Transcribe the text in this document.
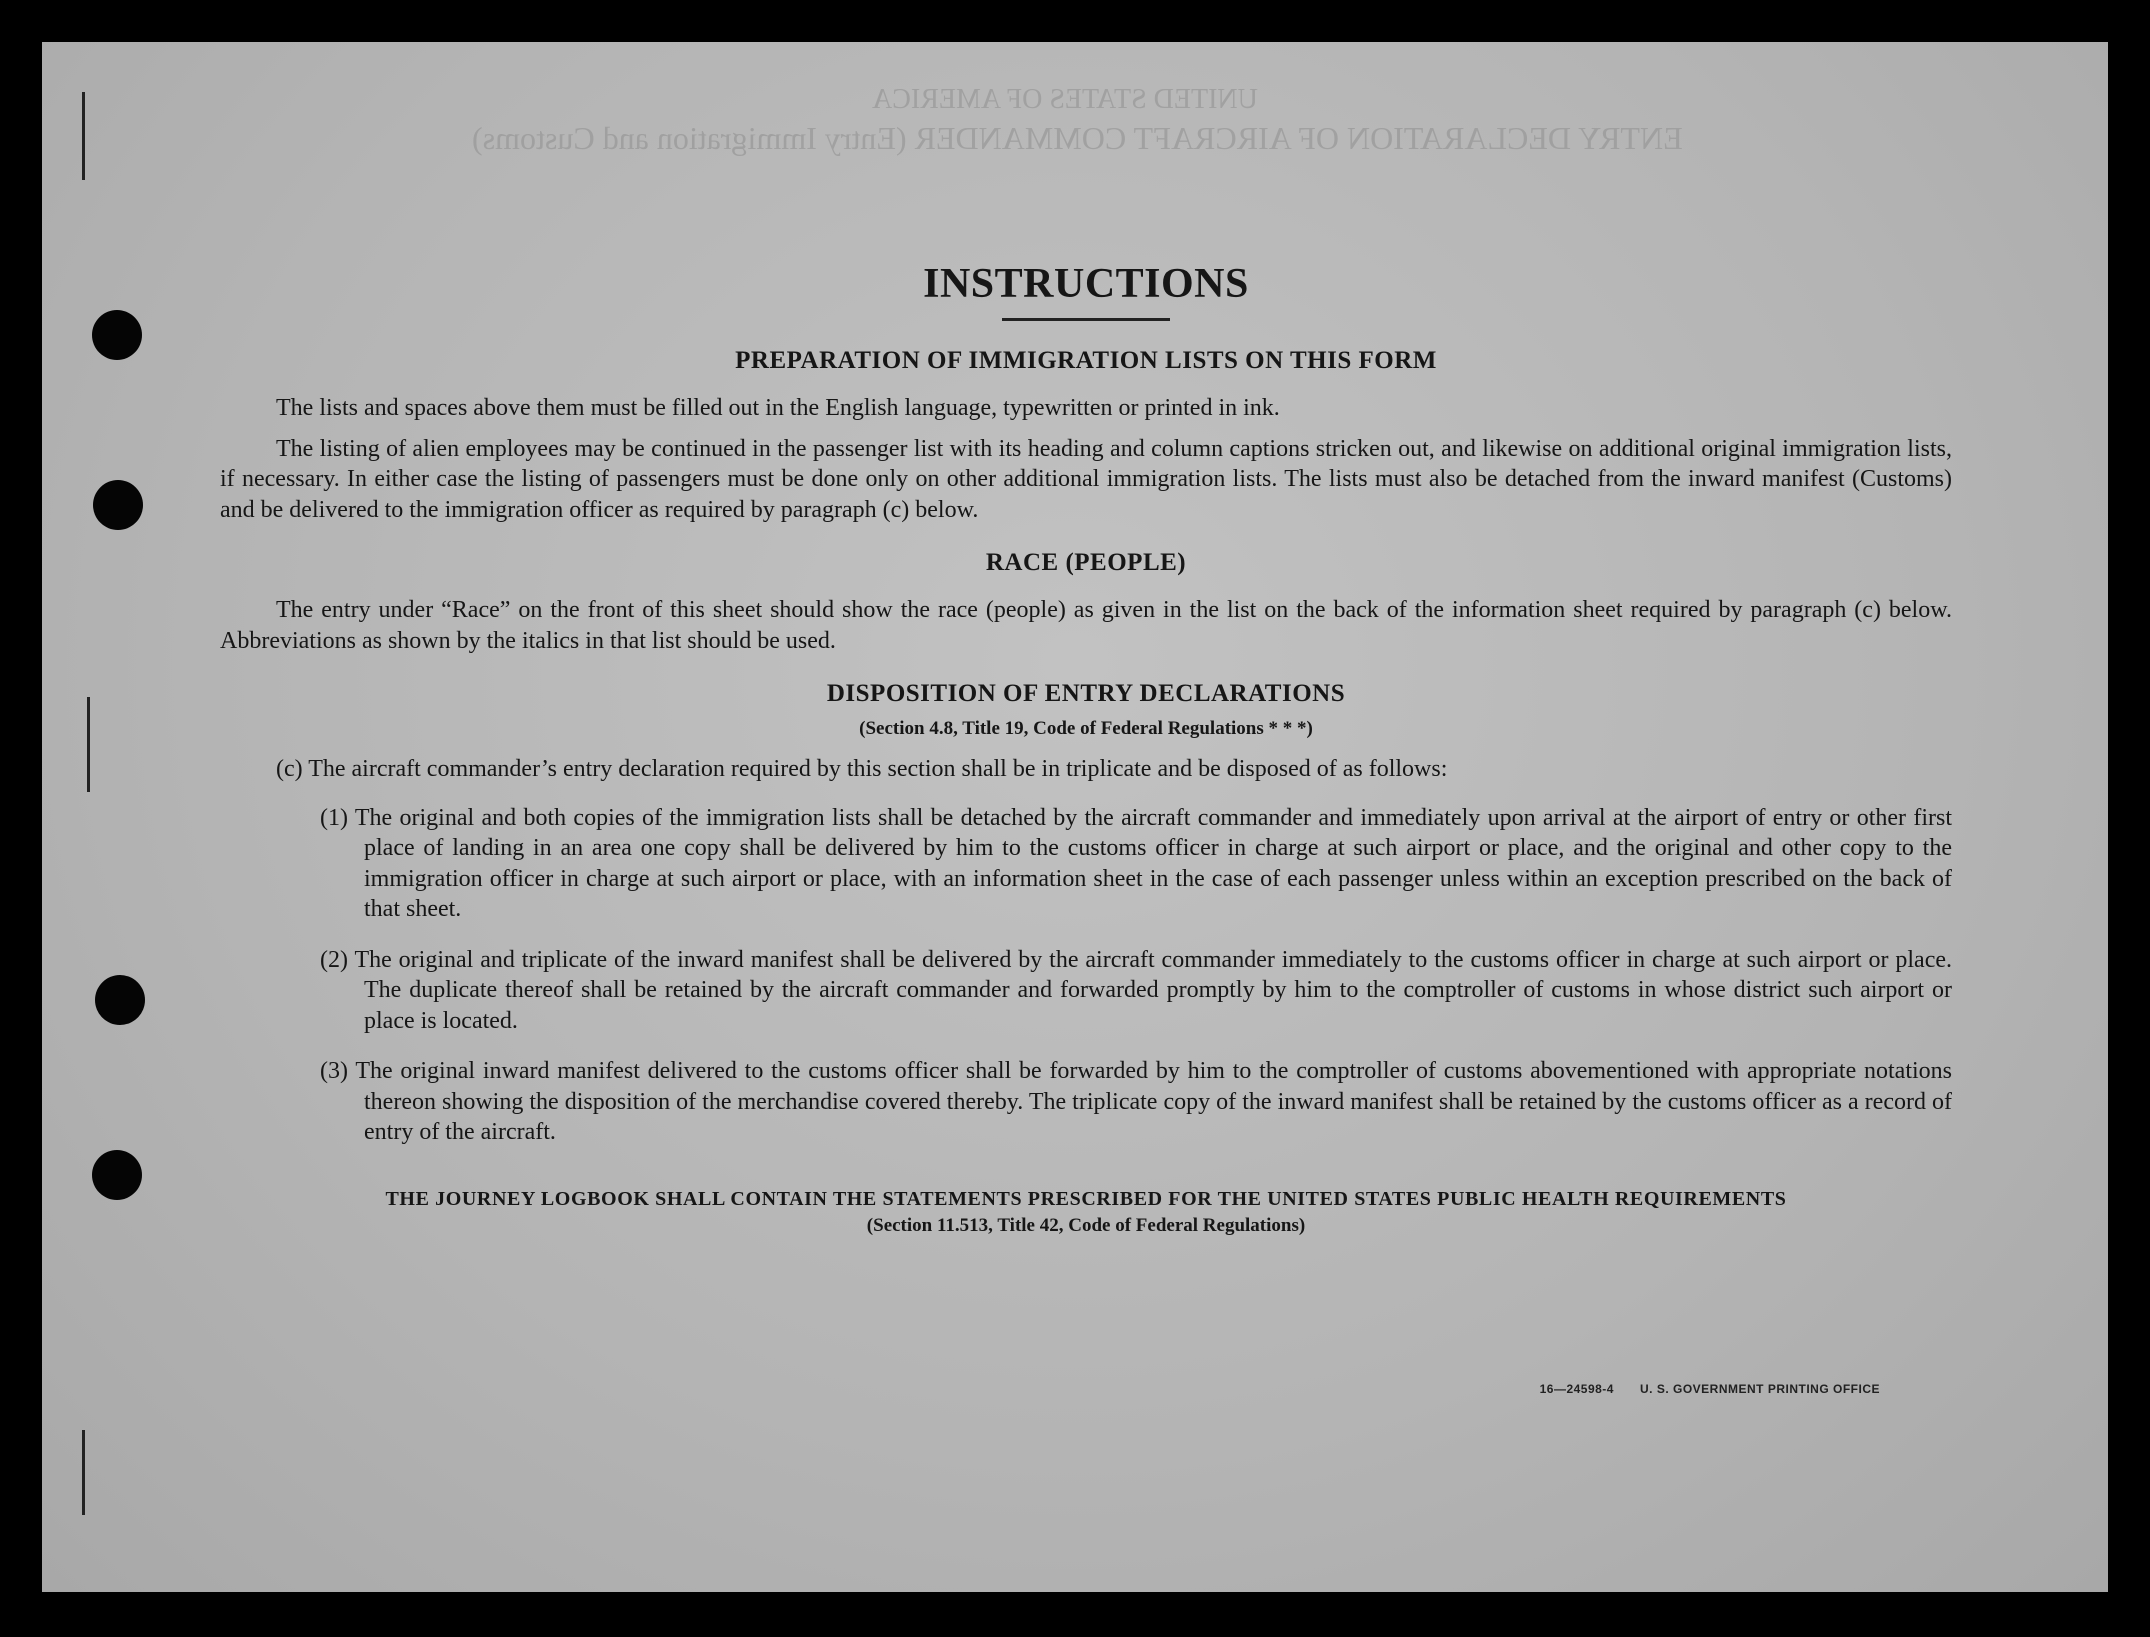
UNITED STATES OF AMERICA
ENTRY DECLARATION OF AIRCRAFT COMMANDER (Entry Immigration and Customs)
INSTRUCTIONS
PREPARATION OF IMMIGRATION LISTS ON THIS FORM

The lists and spaces above them must be filled out in the English language, typewritten or printed in ink.

The listing of alien employees may be continued in the passenger list with its heading and column captions stricken out, and likewise on additional original immigration lists, if necessary. In either case the listing of passengers must be done only on other additional immigration lists. The lists must also be detached from the inward manifest (Customs) and be delivered to the immigration officer as required by paragraph (c) below.

RACE (PEOPLE)

The entry under “Race” on the front of this sheet should show the race (people) as given in the list on the back of the information sheet required by paragraph (c) below. Abbreviations as shown by the italics in that list should be used.

DISPOSITION OF ENTRY DECLARATIONS
(Section 4.8, Title 19, Code of Federal Regulations * * *)

(c) The aircraft commander’s entry declaration required by this section shall be in triplicate and be disposed of as follows:

(1) The original and both copies of the immigration lists shall be detached by the aircraft commander and immediately upon arrival at the airport of entry or other first place of landing in an area one copy shall be delivered by him to the customs officer in charge at such airport or place, and the original and other copy to the immigration officer in charge at such airport or place, with an information sheet in the case of each passenger unless within an exception prescribed on the back of that sheet.

(2) The original and triplicate of the inward manifest shall be delivered by the aircraft commander immediately to the customs officer in charge at such airport or place. The duplicate thereof shall be retained by the aircraft commander and forwarded promptly by him to the comptroller of customs in whose district such airport or place is located.

(3) The original inward manifest delivered to the customs officer shall be forwarded by him to the comptroller of customs abovementioned with appropriate notations thereon showing the disposition of the merchandise covered thereby. The triplicate copy of the inward manifest shall be retained by the customs officer as a record of entry of the aircraft.

THE JOURNEY LOGBOOK SHALL CONTAIN THE STATEMENTS PRESCRIBED FOR THE UNITED STATES PUBLIC HEALTH REQUIREMENTS
(Section 11.513, Title 42, Code of Federal Regulations)
16—24598-4 U. S. GOVERNMENT PRINTING OFFICE
